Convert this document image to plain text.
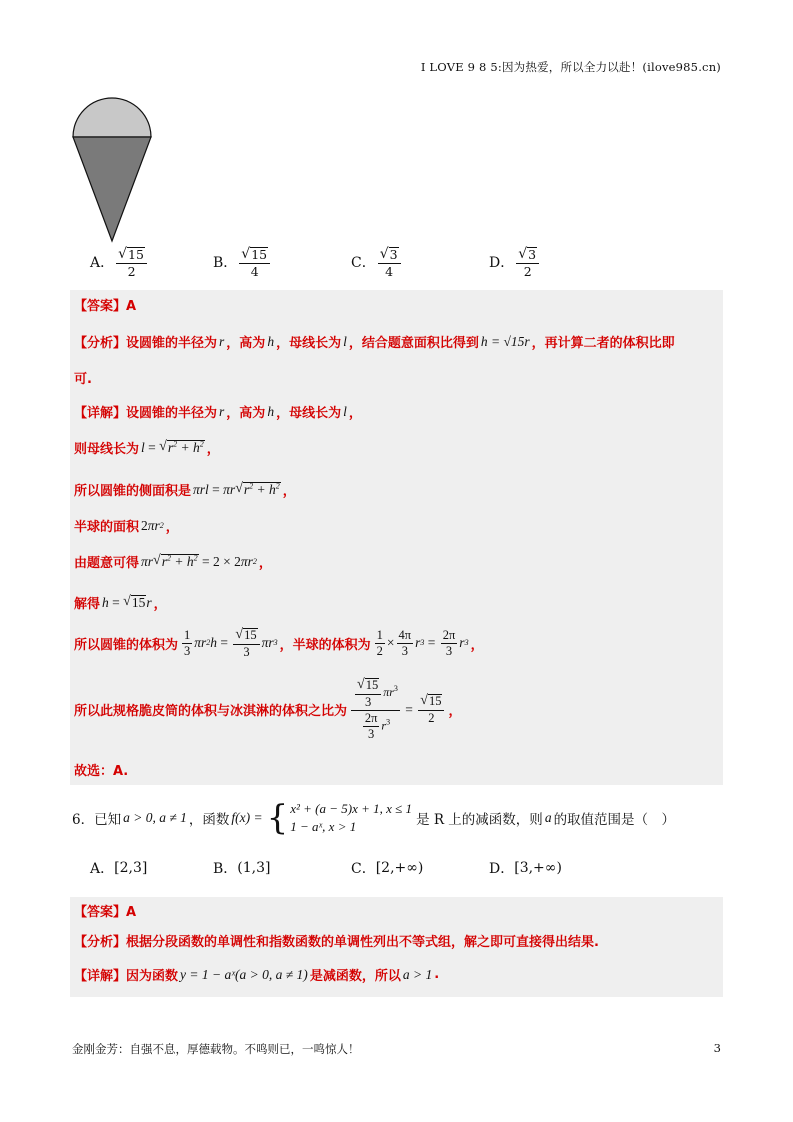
I LOVE 9 8 5:因为热爱，所以全力以赴！(ilove985.cn)
A． $\frac{√ 15}{2}$	B． $\frac{√ 15}{4}$	C． $\frac{√ 3}{4}$	D． $\frac{√ 3}{2}$
【答案】A
【分析】 设圆锥的半径为 r ，高为 h ，母线长为 l ，结合题意面积比得到 h = √15r ，再计算二者的体积比即
可.
【详解】 设圆锥的半径为 r ，高为 h ，母线长为 l ，
则母线长为 l = √ $r^2 + h^2$ ，
所以圆锥的侧面积是 πrl = πr √ $r^2 + h^2$ ，
半球的面积 2 πr 2 ，
由题意可得 πr √ $r^2 + h^2 = 2 \times 2$ πr 2 ，
解得 h = √ 15 r ，
所以圆锥的体积为 $\frac{1}{3}$ πr 2 $h = \frac{√ 15}{3}$ πr 3 ，半球的体积为 $\frac{1}{2} \times \frac{4\pi}{3}$ r $3 = \frac{2\pi}{3}$ r 3 ，
所以此规格脆皮筒的体积与冰淇淋的体积之比为 $\frac{\frac{√ 15}{3} \pi r^3}{\frac{2\pi}{3} r^3} = \frac{√ 15}{2}$ ，
故选：A.
6．已知 a > 0, a ≠ 1 ，函数 f(x) = { x² + (a − 5)x + 1, x ≤ 1
1 − aˣ, x > 1	是 R 上的减函数，则 a 的取值范围是（　）
A． [2,3]	B． (1,3]	C． [2,+∞)	D． [3,+∞)
【答案】A
【分析】根据分段函数的单调性和指数函数的单调性列出不等式组，解之即可直接得出结果.
【详解】因为函数 y = 1 − aˣ(a > 0, a ≠ 1) 是减函数，所以 a > 1 .
金刚金芳：自强不息，厚德载物。不鸣则已，一鸣惊人！	3
